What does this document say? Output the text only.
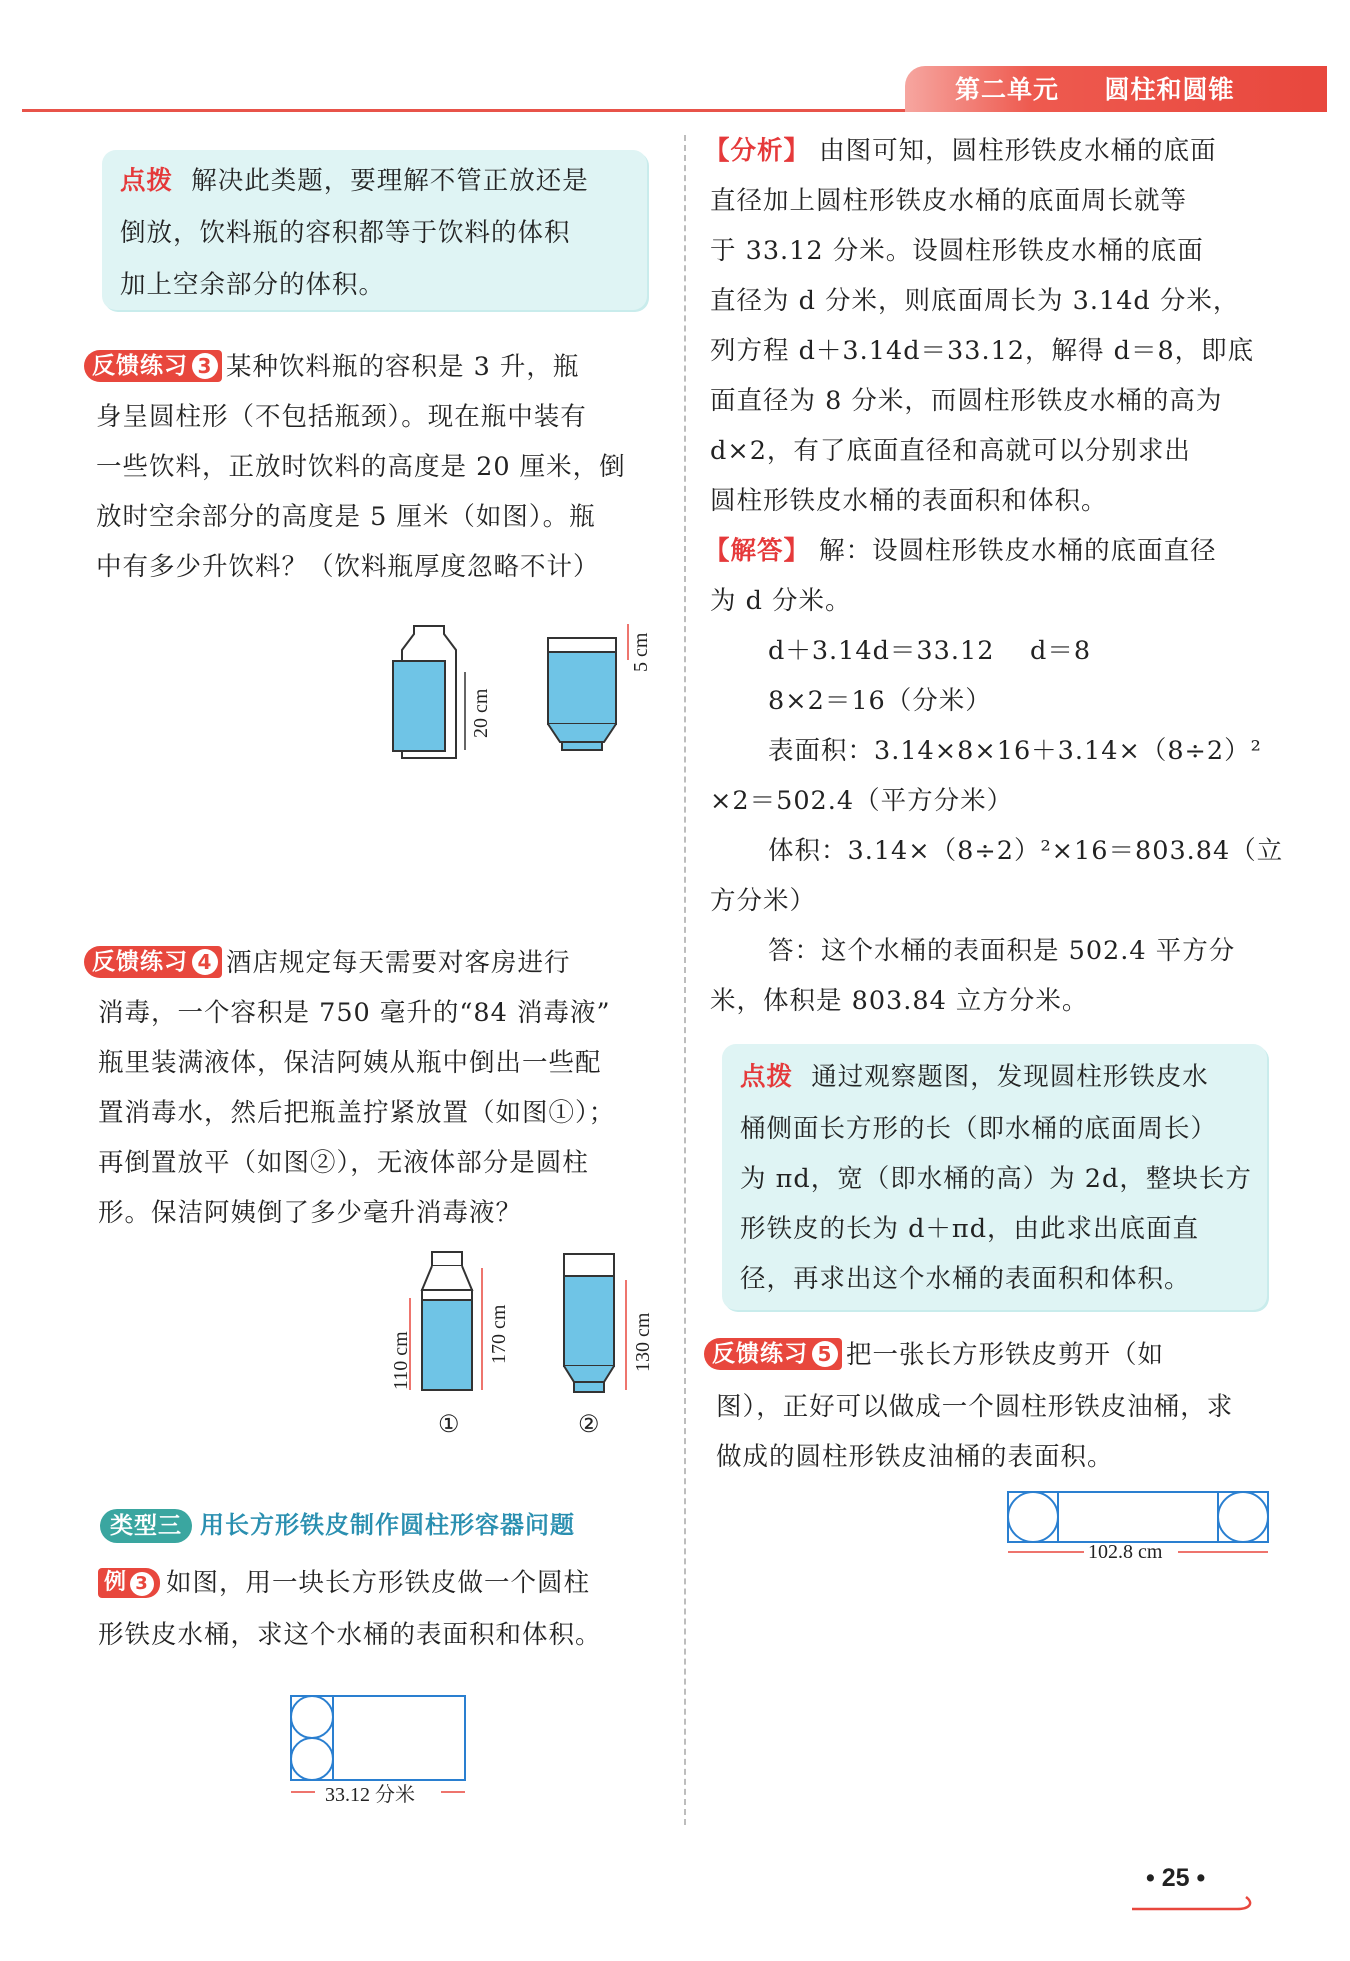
第二单元 圆柱和圆锥
点拨 解决此类题，要理解不管正放还是
倒放，饮料瓶的容积都等于饮料的体积
加上空余部分的体积。
反馈练习 3 某种饮料瓶的容积是 3 升，瓶
身呈圆柱形（不包括瓶颈）。现在瓶中装有
一些饮料，正放时饮料的高度是 20 厘米，倒
放时空余部分的高度是 5 厘米（如图）。瓶
中有多少升饮料？（饮料瓶厚度忽略不计）
20 cm
5 cm
反馈练习 4 酒店规定每天需要对客房进行
消毒，一个容积是 750 毫升的“84 消毒液”
瓶里装满液体，保洁阿姨从瓶中倒出一些配
置消毒水，然后把瓶盖拧紧放置（如图①）；
再倒置放平（如图②），无液体部分是圆柱
形。保洁阿姨倒了多少毫升消毒液？
110 cm	170 cm	130 cm
①	②
类型三 用长方形铁皮制作圆柱形容器问题
例 3 如图，用一块长方形铁皮做一个圆柱
形铁皮水桶，求这个水桶的表面积和体积。
33.12 分米
【分析】 由图可知，圆柱形铁皮水桶的底面
直径加上圆柱形铁皮水桶的底面周长就等
于 33.12 分米。设圆柱形铁皮水桶的底面
直径为 d 分米，则底面周长为 3.14d 分米，
列方程 d＋3.14d＝33.12，解得 d＝8，即底
面直径为 8 分米，而圆柱形铁皮水桶的高为
d×2，有了底面直径和高就可以分别求出
圆柱形铁皮水桶的表面积和体积。
【解答】 解：设圆柱形铁皮水桶的底面直径
为 d 分米。
d＋3.14d＝33.12　 d＝8
8×2＝16（分米）
表面积：3.14×8×16＋3.14×（8÷2）²
×2＝502.4（平方分米）
体积：3.14×（8÷2）²×16＝803.84（立
方分米）
答：这个水桶的表面积是 502.4 平方分
米，体积是 803.84 立方分米。
点拨 通过观察题图，发现圆柱形铁皮水
桶侧面长方形的长（即水桶的底面周长）
为 πd，宽（即水桶的高）为 2d，整块长方
形铁皮的长为 d＋πd，由此求出底面直
径，再求出这个水桶的表面积和体积。
反馈练习 5 把一张长方形铁皮剪开（如
图），正好可以做成一个圆柱形铁皮油桶，求
做成的圆柱形铁皮油桶的表面积。
102.8 cm
• 25 •
